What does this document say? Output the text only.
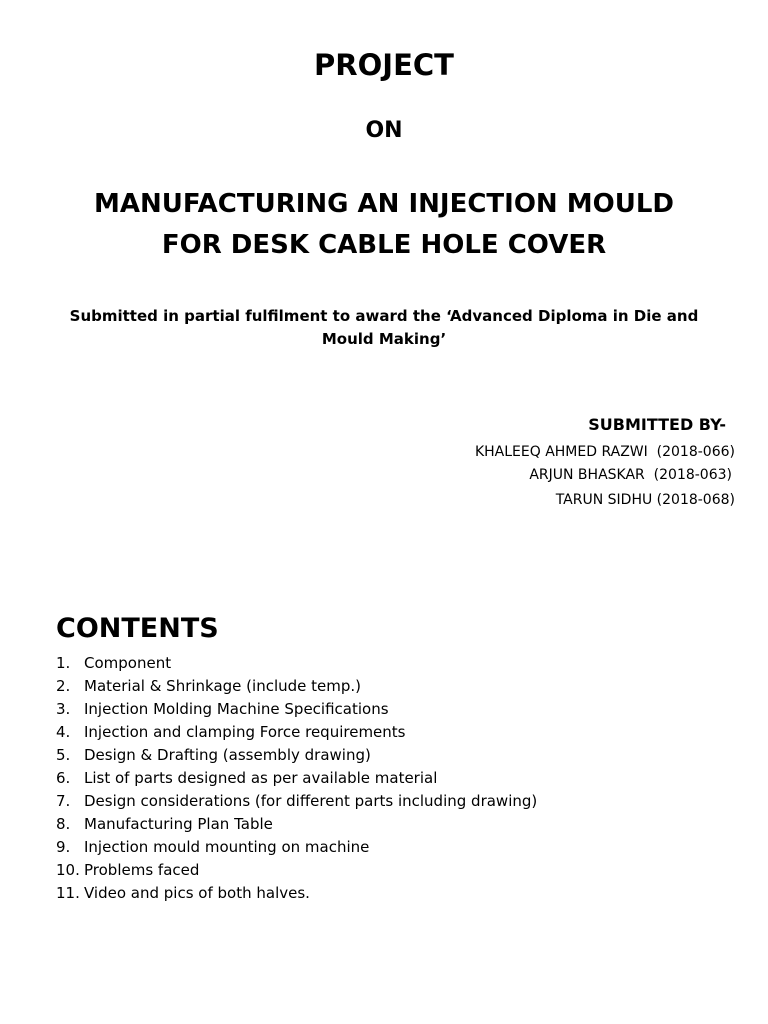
PROJECT
ON
MANUFACTURING AN INJECTION MOULD
FOR DESK CABLE HOLE COVER
Submitted in partial fulfilment to award the ‘Advanced Diploma in Die and
Mould Making’
SUBMITTED BY-
KHALEEQ AHMED RAZWI  (2018-066)
ARJUN BHASKAR  (2018-063)
TARUN SIDHU (2018-068)
CONTENTS
1. Component
2. Material & Shrinkage (include temp.)
3. Injection Molding Machine Specifications
4. Injection and clamping Force requirements
5. Design & Drafting (assembly drawing)
6. List of parts designed as per available material
7. Design considerations (for different parts including drawing)
8. Manufacturing Plan Table
9. Injection mould mounting on machine
10. Problems faced
11. Video and pics of both halves.
